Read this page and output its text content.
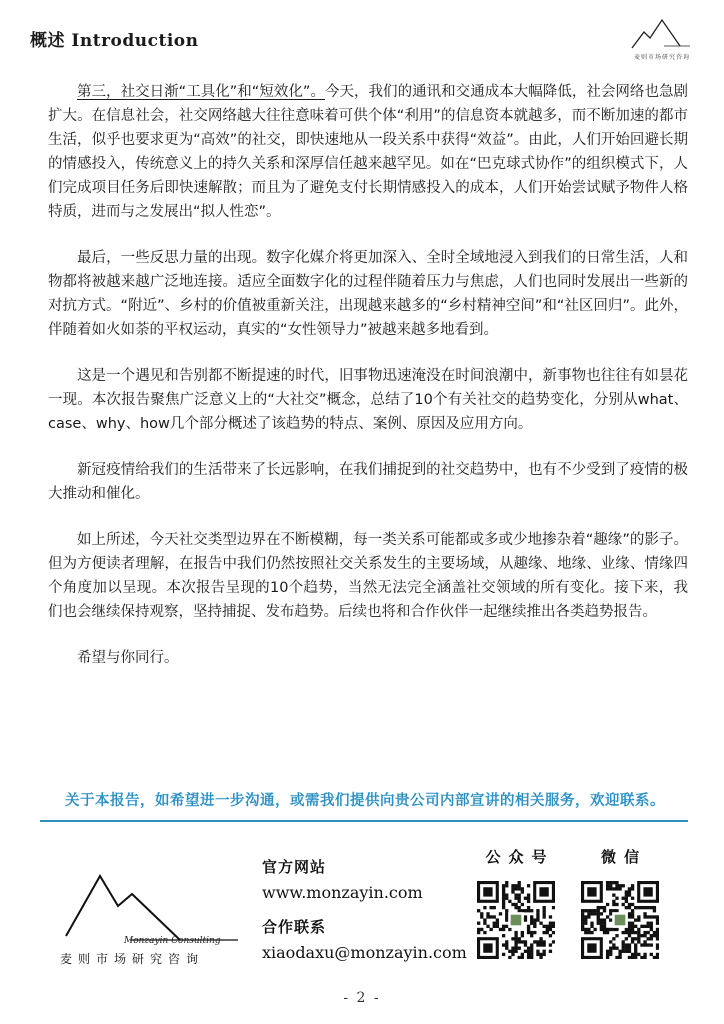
概述 Introduction
麦则市场研究咨询

第三，社交日渐“工具化”和“短效化”。今天，我们的通讯和交通成本大幅降低，社会网络也急剧扩大。在信息社会，社交网络越大往往意味着可供个体“利用”的信息资本就越多，而不断加速的都市生活，似乎也要求更为“高效”的社交，即快速地从一段关系中获得“效益”。由此，人们开始回避长期的情感投入，传统意义上的持久关系和深厚信任越来越罕见。如在“巴克球式协作”的组织模式下，人们完成项目任务后即快速解散；而且为了避免支付长期情感投入的成本，人们开始尝试赋予物件人格特质，进而与之发展出“拟人性恋”。

最后，一些反思力量的出现。数字化媒介将更加深入、全时全域地浸入到我们的日常生活，人和物都将被越来越广泛地连接。适应全面数字化的过程伴随着压力与焦虑，人们也同时发展出一些新的对抗方式。“附近”、乡村的价值被重新关注，出现越来越多的“乡村精神空间”和“社区回归”。此外，伴随着如火如荼的平权运动，真实的“女性领导力”被越来越多地看到。

这是一个遇见和告别都不断提速的时代，旧事物迅速淹没在时间浪潮中，新事物也往往有如昙花一现。本次报告聚焦广泛意义上的“大社交”概念，总结了10个有关社交的趋势变化，分别从what、case、why、how几个部分概述了该趋势的特点、案例、原因及应用方向。

新冠疫情给我们的生活带来了长远影响，在我们捕捉到的社交趋势中，也有不少受到了疫情的极大推动和催化。

如上所述，今天社交类型边界在不断模糊，每一类关系可能都或多或少地掺杂着“趣缘”的影子。但为方便读者理解，在报告中我们仍然按照社交关系发生的主要场域，从趣缘、地缘、业缘、情缘四个角度加以呈现。本次报告呈现的10个趋势，当然无法完全涵盖社交领域的所有变化。接下来，我们也会继续保持观察，坚持捕捉、发布趋势。后续也将和合作伙伴一起继续推出各类趋势报告。

希望与你同行。

关于本报告，如希望进一步沟通，或需我们提供向贵公司内部宣讲的相关服务，欢迎联系。
Monzayin Consulting
麦则市场研究咨询
官方网站
www.monzayin.com
合作联系
xiaodaxu@monzayin.com
公众号	微信
- 2 -
